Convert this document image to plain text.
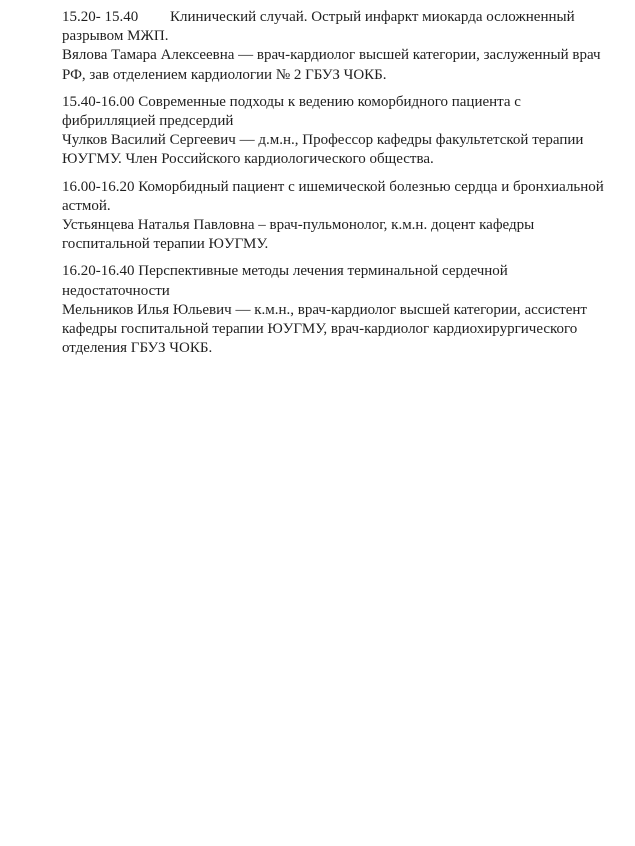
15.20- 15.40 Клинический случай. Острый инфаркт миокарда осложненный
разрывом МЖП.
Вялова Тамара Алексеевна — врач-кардиолог высшей категории, заслуженный врач
РФ, зав отделением кардиологии № 2 ГБУЗ ЧОКБ.
15.40-16.00 Современные подходы к ведению коморбидного пациента с
фибрилляцией предсердий
Чулков Василий Сергеевич — д.м.н., Профессор кафедры факультетской терапии
ЮУГМУ. Член Российского кардиологического общества.
16.00-16.20 Коморбидный пациент с ишемической болезнью сердца и бронхиальной
астмой.
Устьянцева Наталья Павловна – врач-пульмонолог, к.м.н. доцент кафедры
госпитальной терапии ЮУГМУ.
16.20-16.40 Перспективные методы лечения терминальной сердечной
недостаточности
Мельников Илья Юльевич — к.м.н., врач-кардиолог высшей категории, ассистент
кафедры госпитальной терапии ЮУГМУ, врач-кардиолог кардиохирургического
отделения ГБУЗ ЧОКБ.
